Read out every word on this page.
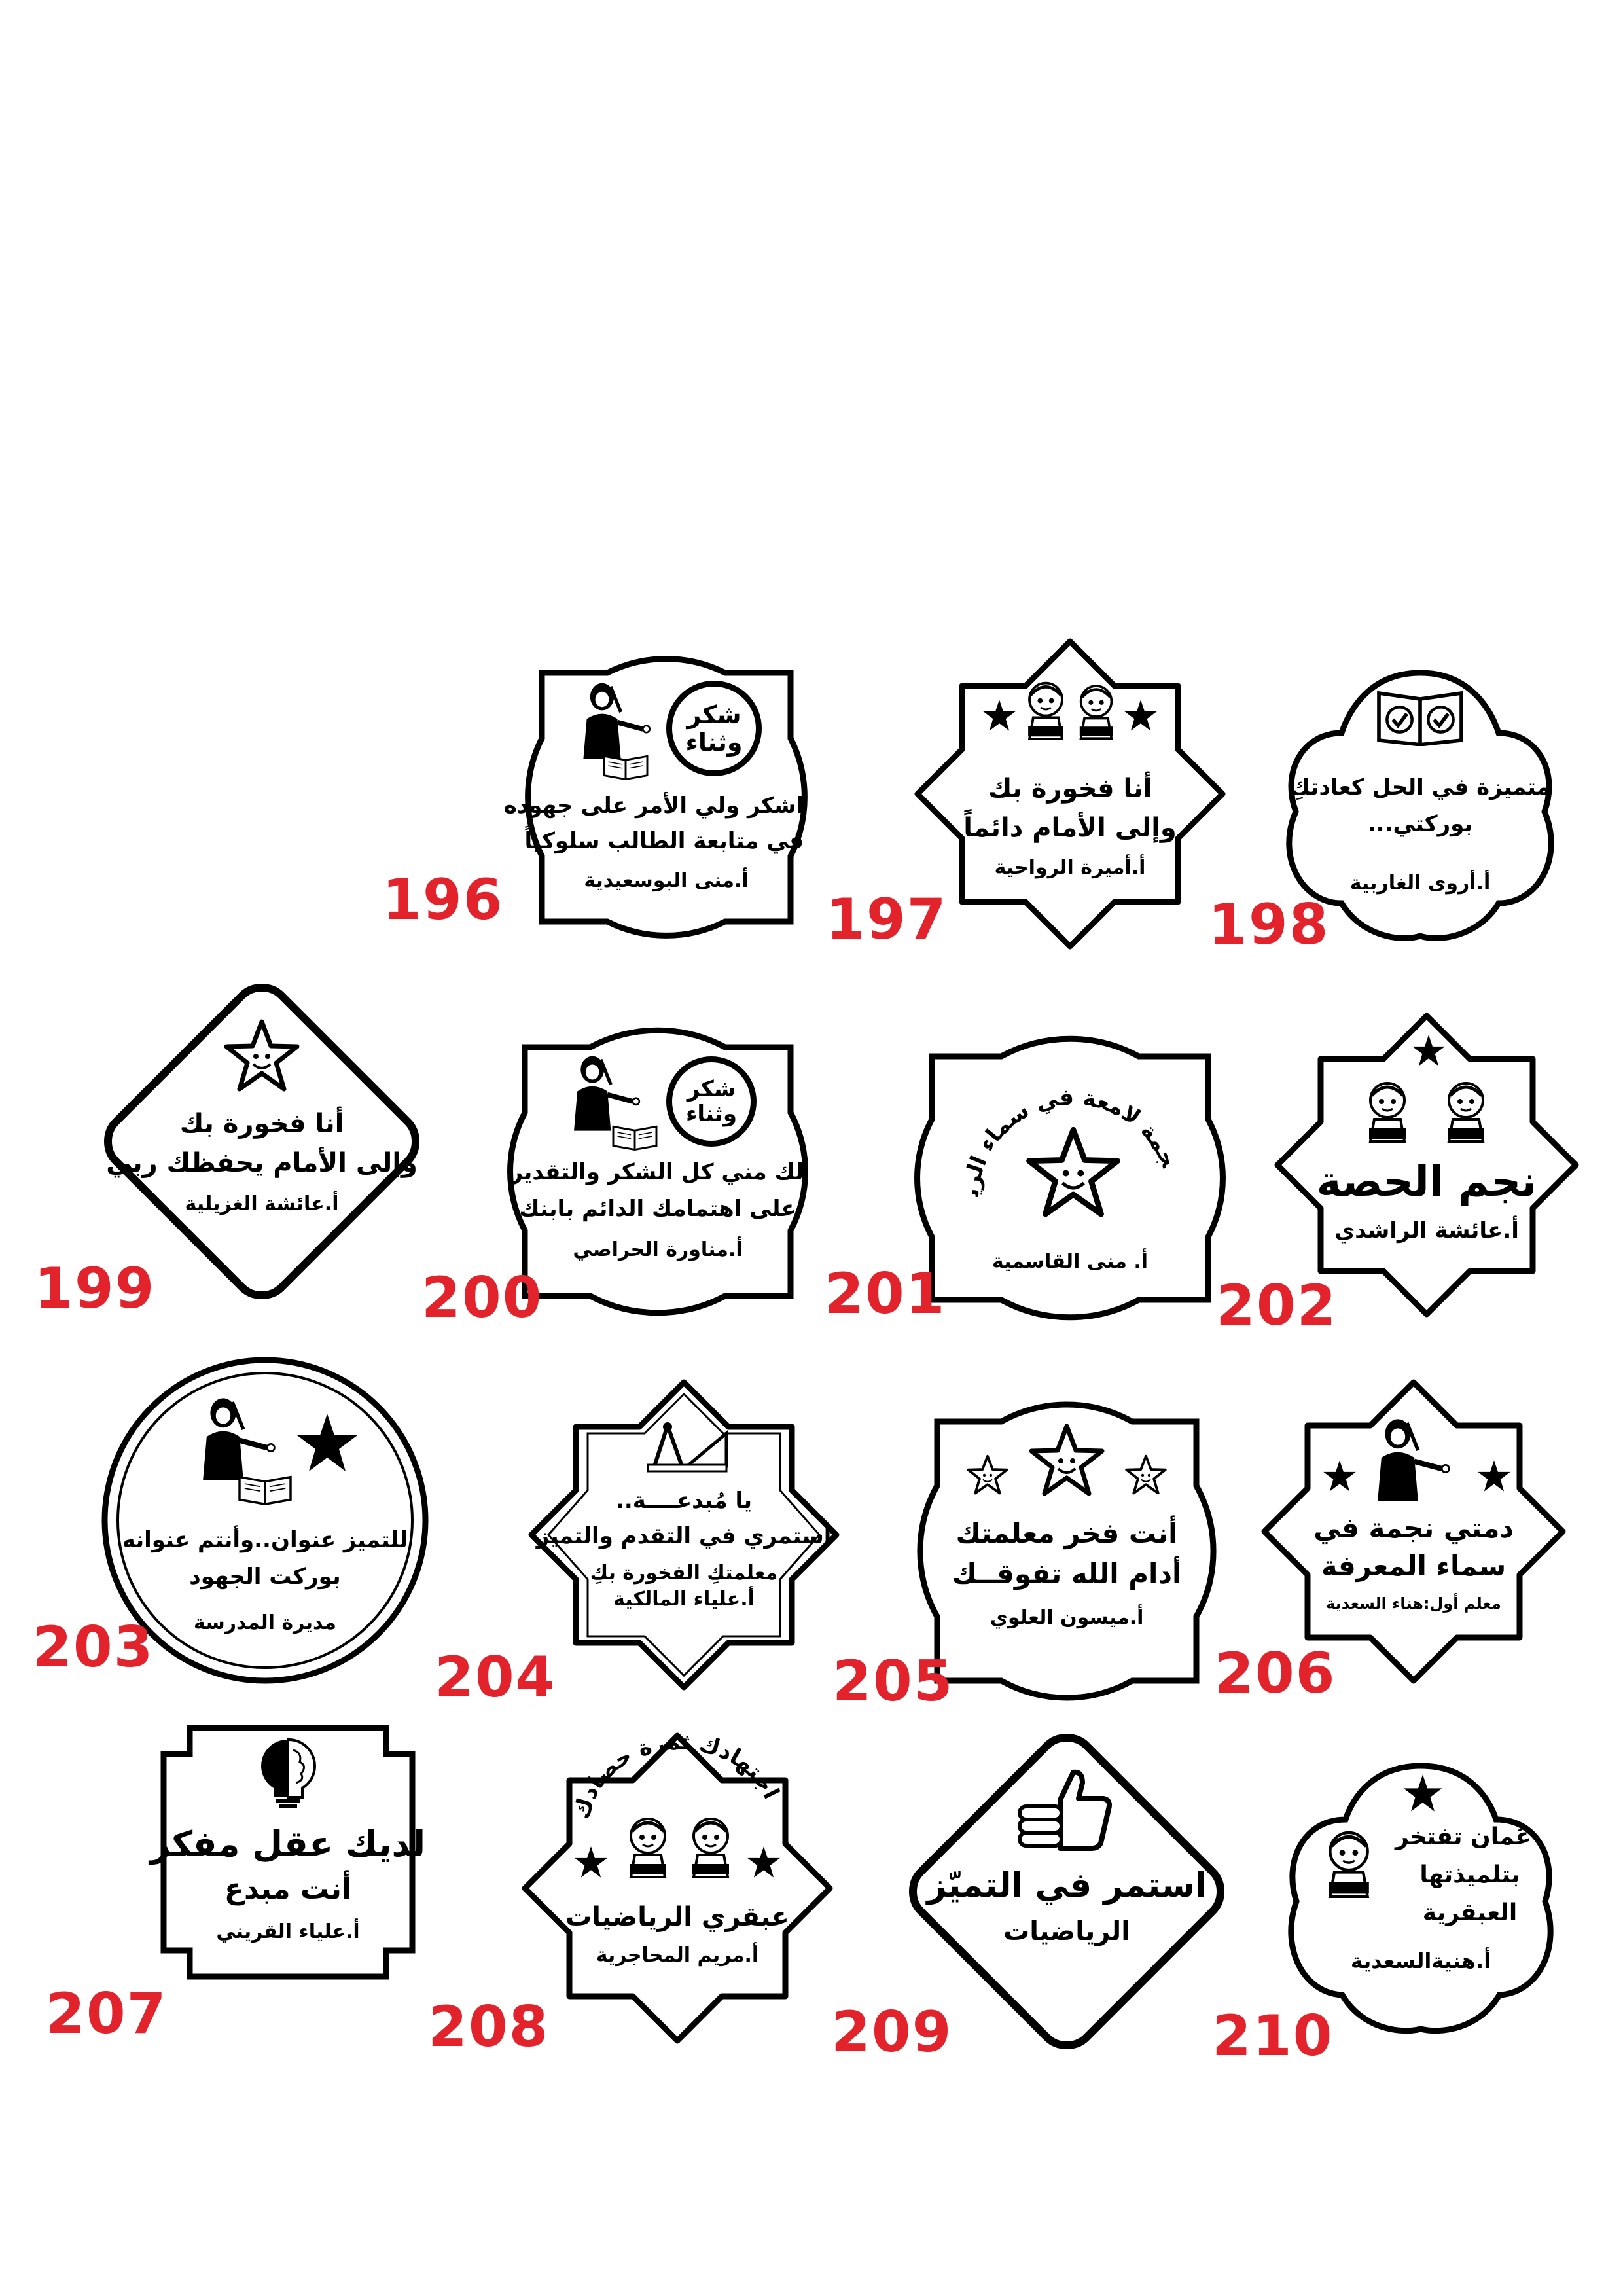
شكر
وثناء
اشكر ولي الأمر على جهوده
في متابعة الطالب سلوكياً
أ.منى البوسعيدية
196
أنا فخورة بك
وإلى الأمام دائماً
أ.أميرة الرواحية
197
متميزة في الحل كعادتكِ
بوركتي...
أ.أروى الغاربية
198
أنا فخورة بك
وإلى الأمام يحفظك ربي
أ.عائشة الغزيلية
199
شكر
وثناء
لك مني كل الشكر والتقدير
على اهتمامك الدائم بابنك
أ.مناورة الحراصي
200
دمت نجمة لامعة في سماء الرياضيات
أ. منى القاسمية
201
نجم الحصة
أ.عائشة الراشدي
202
للتميز عنوان..وأنتم عنوانه
بوركت الجهود
مديرة المدرسة
203
يا مُبدعــــة..
استمري في التقدم والتميز
معلمتكِ الفخورة بكِ
أ.علياء المالكية
204
أنت فخر معلمتك
أدام الله تفوقــك
أ.ميسون العلوي
205
دمتي نجمة في
سماء المعرفة
معلم أول:هناء السعدية
206
لديك عقل مفكر
أنت مبدع
أ.علياء القريني
207
اجتهادك ثمرة حصادك
عبقري الرياضيات
أ.مريم المحاجرية
208
استمر في التميّز
الرياضيات
209
عُمان تفتخر
بتلميذتها
العبقرية
أ.هنيةالسعدية
210
